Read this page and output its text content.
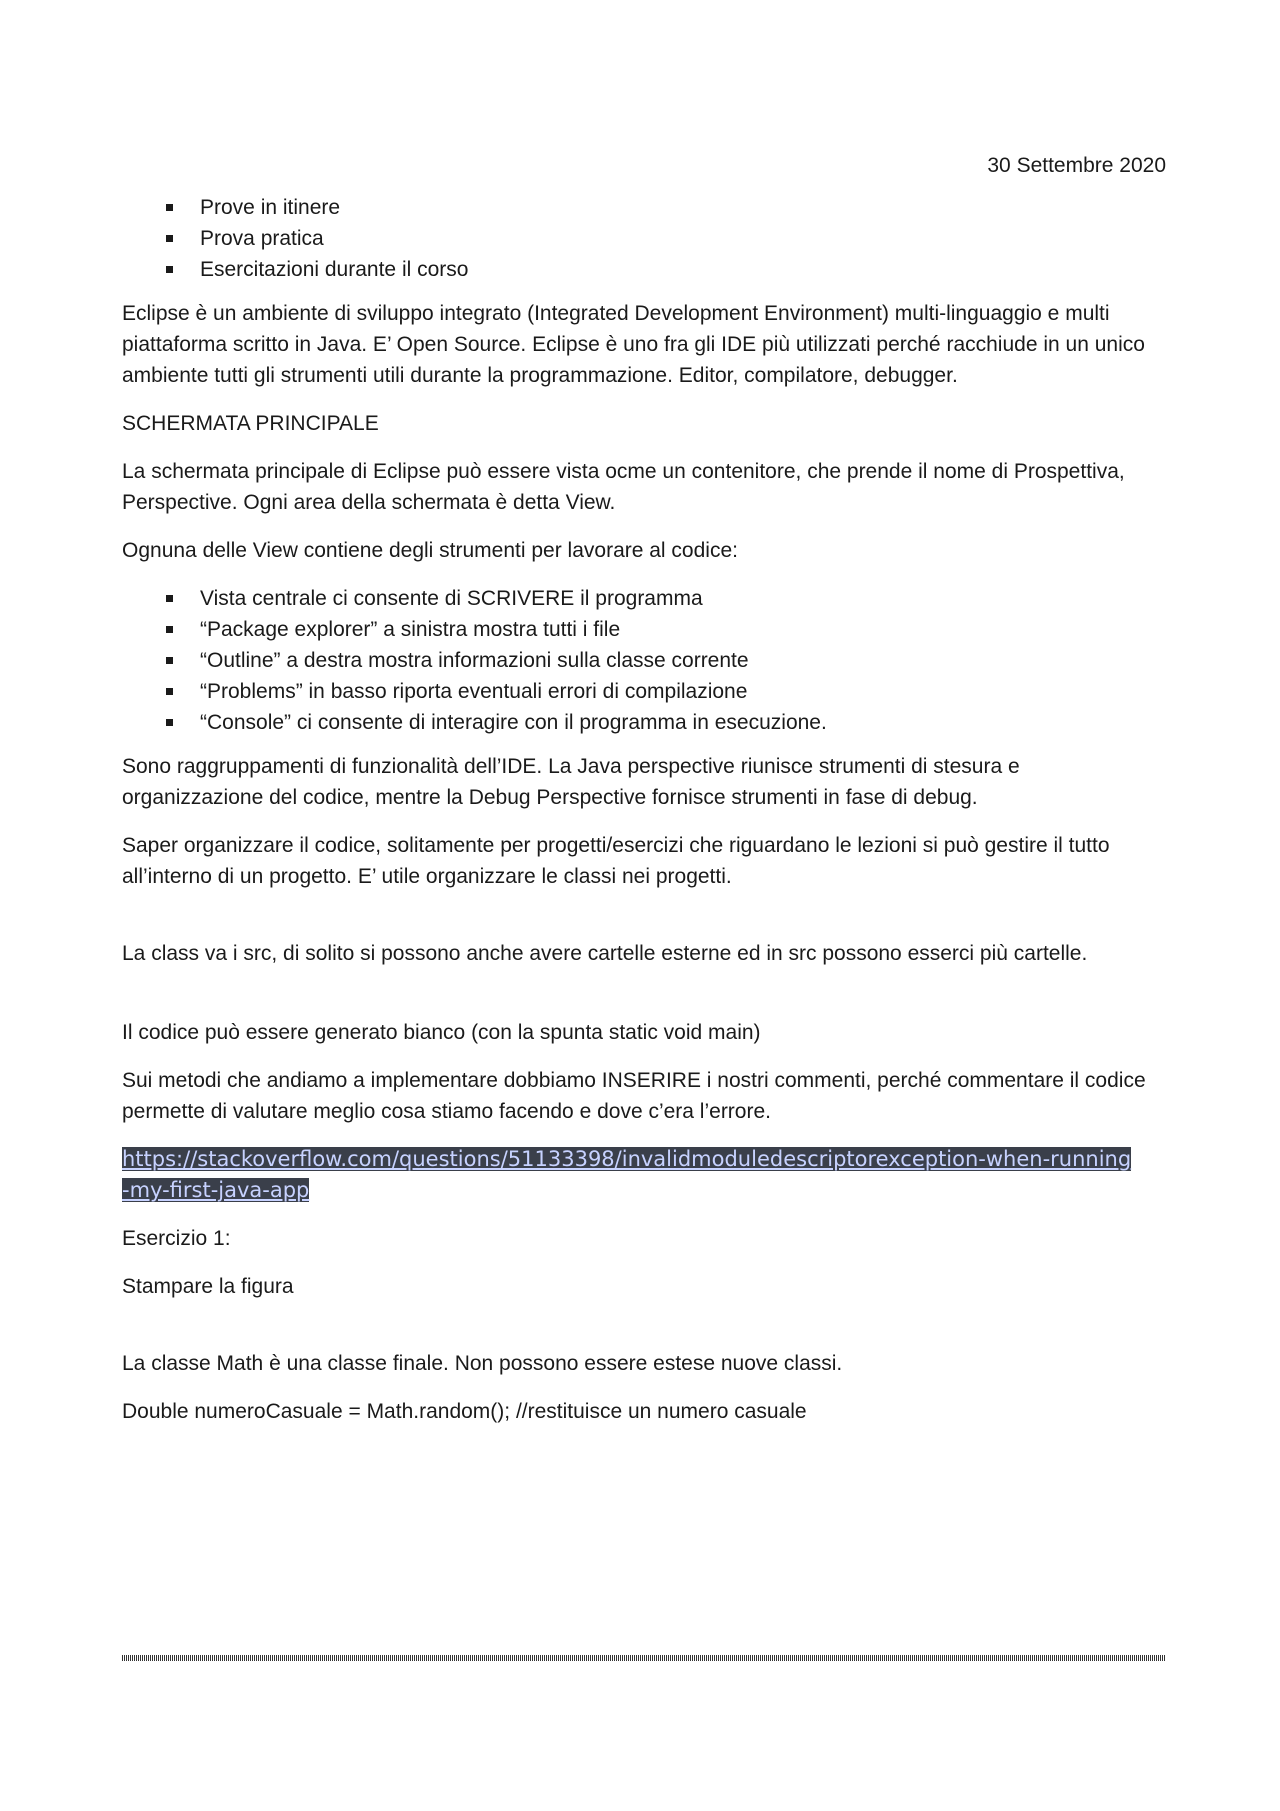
30 Settembre 2020
Prove in itinere
Prova pratica
Esercitazioni durante il corso

Eclipse è un ambiente di sviluppo integrato (Integrated Development Environment) multi-linguaggio e multi piattaforma scritto in Java. E’ Open Source. Eclipse è uno fra gli IDE più utilizzati perché racchiude in un unico ambiente tutti gli strumenti utili durante la programmazione. Editor, compilatore, debugger.

SCHERMATA PRINCIPALE

La schermata principale di Eclipse può essere vista ocme un contenitore, che prende il nome di Prospettiva, Perspective. Ogni area della schermata è detta View.

Ognuna delle View contiene degli strumenti per lavorare al codice:

Vista centrale ci consente di SCRIVERE il programma
“Package explorer” a sinistra mostra tutti i file
“Outline” a destra mostra informazioni sulla classe corrente
“Problems” in basso riporta eventuali errori di compilazione
“Console” ci consente di interagire con il programma in esecuzione.

Sono raggruppamenti di funzionalità dell’IDE. La Java perspective riunisce strumenti di stesura e organizzazione del codice, mentre la Debug Perspective fornisce strumenti in fase di debug.

Saper organizzare il codice, solitamente per progetti/esercizi che riguardano le lezioni si può gestire il tutto all’interno di un progetto. E’ utile organizzare le classi nei progetti.

La class va i src, di solito si possono anche avere cartelle esterne ed in src possono esserci più cartelle.

Il codice può essere generato bianco (con la spunta static void main)

Sui metodi che andiamo a implementare dobbiamo INSERIRE i nostri commenti, perché commentare il codice permette di valutare meglio cosa stiamo facendo e dove c’era l’errore.

https://stackoverflow.com/questions/51133398/invalidmoduledescriptorexception-when-running-my-first-java-app

Esercizio 1:

Stampare la figura

La classe Math è una classe finale. Non possono essere estese nuove classi.

Double numeroCasuale = Math.random(); //restituisce un numero casuale
